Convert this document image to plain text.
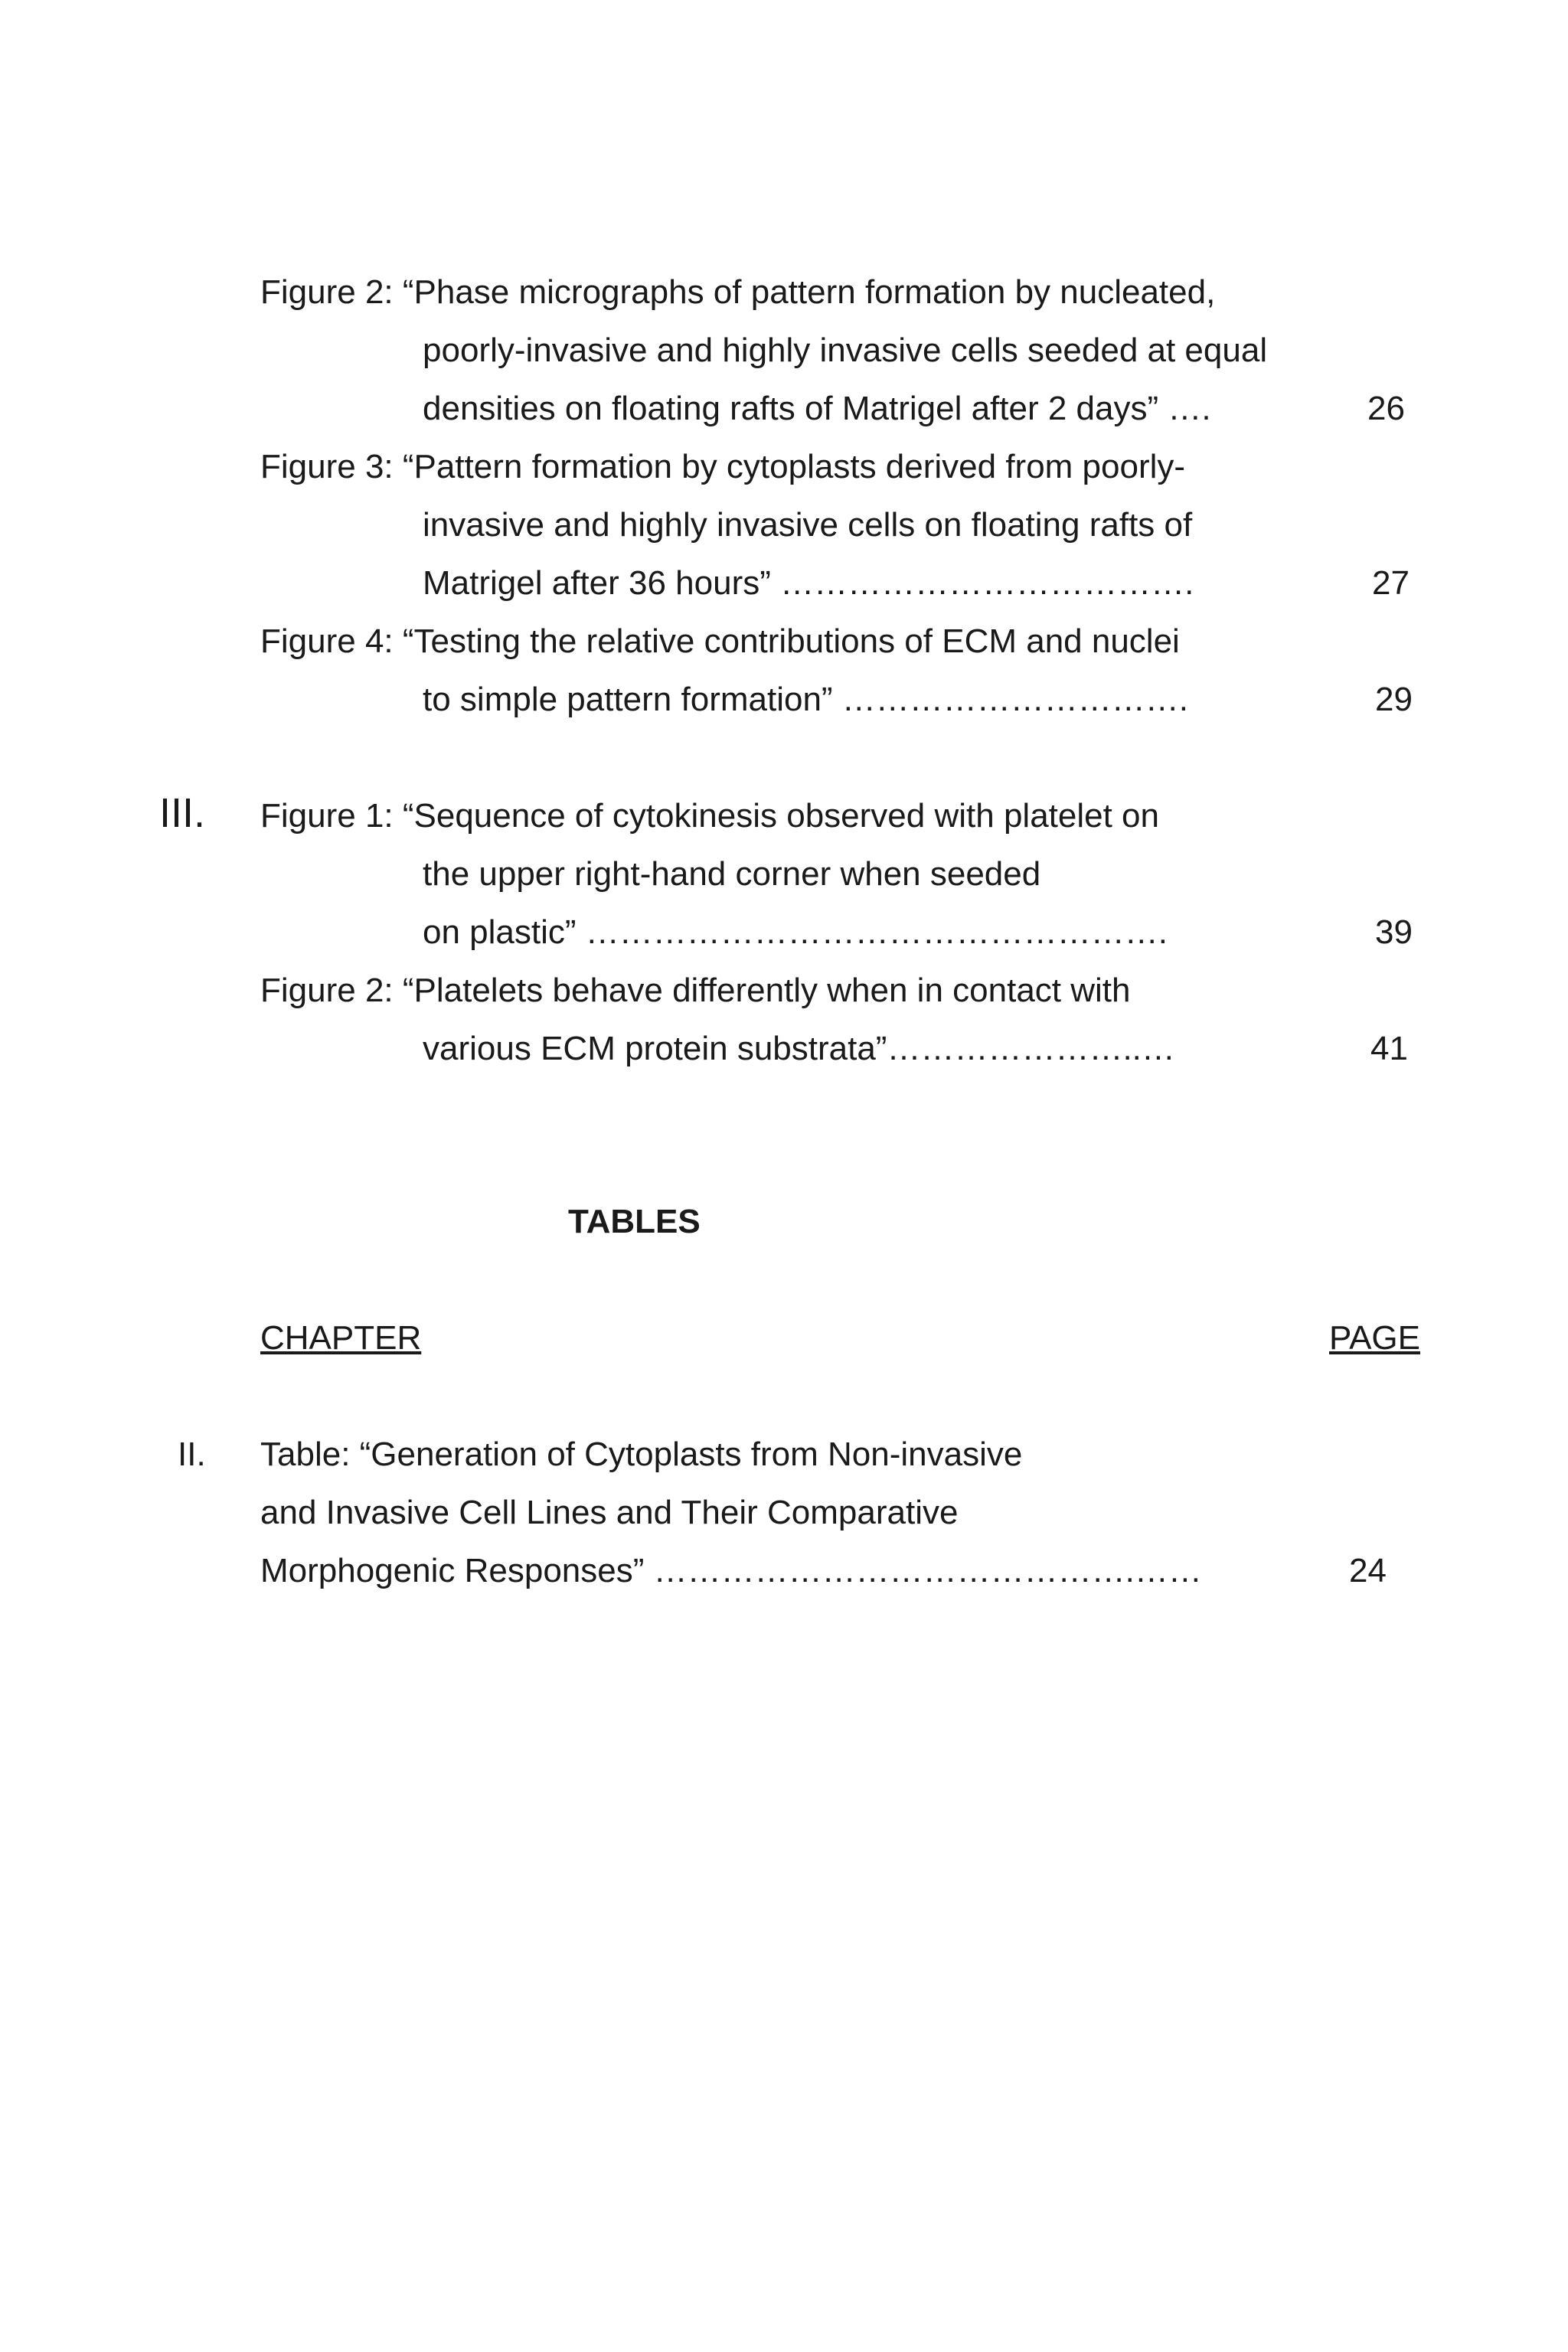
Figure 2: “Phase micrographs of pattern formation by nucleated,
poorly-invasive and highly invasive cells seeded at equal
densities on floating rafts of Matrigel after 2 days” ….	26
Figure 3: “Pattern formation by cytoplasts derived from poorly-
invasive and highly invasive cells on floating rafts of
Matrigel after 36 hours” ……………………………….	27
Figure 4: “Testing the relative contributions of ECM and nuclei
to simple pattern formation” ………………………….	29
III. Figure 1: “Sequence of cytokinesis observed with platelet on
the upper right-hand corner when seeded
on plastic” …………………………………………….	39
Figure 2: “Platelets behave differently when in contact with
various ECM protein substrata”…………………..…	41
TABLES
CHAPTER	PAGE
II. Table: “Generation of Cytoplasts from Non-invasive
and Invasive Cell Lines and Their Comparative
Morphogenic Responses” …………………………………….……	24
